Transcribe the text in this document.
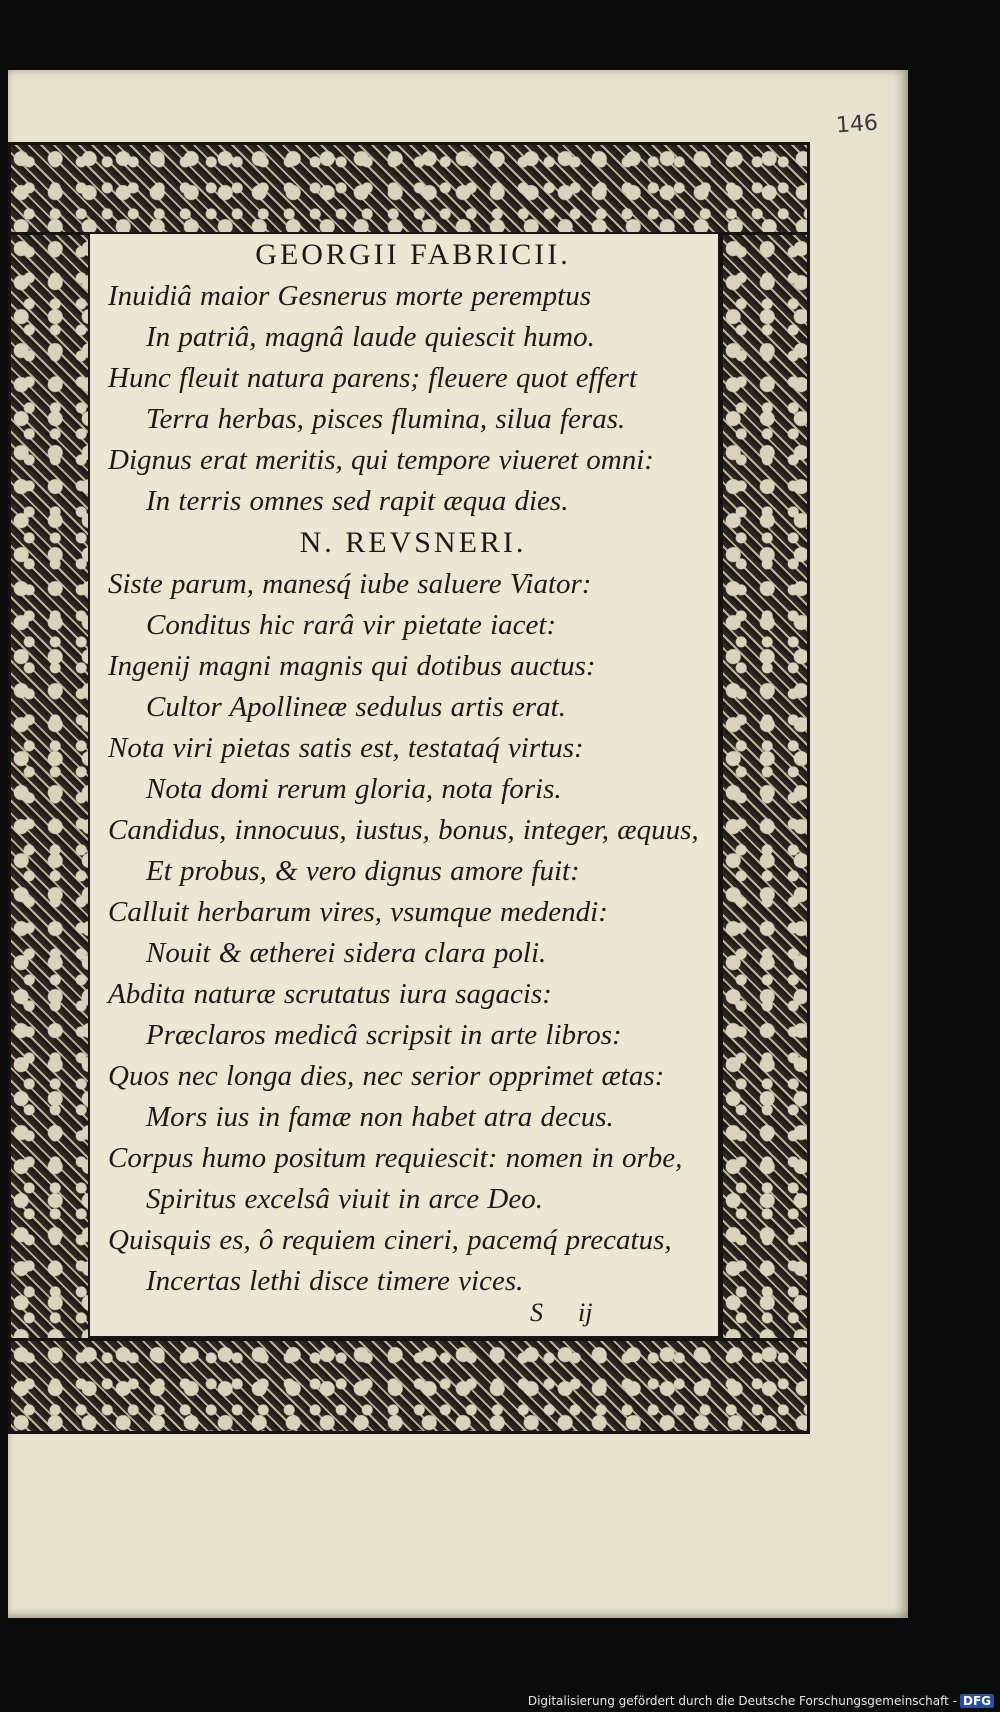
146
GEORGII FABRICII.
Inuidiâ maior Gesnerus morte peremptus
In patriâ, magnâ laude quiescit humo.
Hunc fleuit natura parens; fleuere quot effert
Terra herbas, pisces flumina, silua feras.
Dignus erat meritis, qui tempore viueret omni:
In terris omnes sed rapit æqua dies.
N. REVSNERI.
Siste parum, manesq́ iube saluere Viator:
Conditus hic rarâ vir pietate iacet:
Ingenij magni magnis qui dotibus auctus:
Cultor Apollineæ sedulus artis erat.
Nota viri pietas satis est, testataq́ virtus:
Nota domi rerum gloria, nota foris.
Candidus, innocuus, iustus, bonus, integer, æquus,
Et probus, & vero dignus amore fuit:
Calluit herbarum vires, vsumque medendi:
Nouit & ætherei sidera clara poli.
Abdita naturæ scrutatus iura sagacis:
Præclaros medicâ scripsit in arte libros:
Quos nec longa dies, nec serior opprimet ætas:
Mors ius in famæ non habet atra decus.
Corpus humo positum requiescit: nomen in orbe,
Spiritus excelsâ viuit in arce Deo.
Quisquis es, ô requiem cineri, pacemq́ precatus,
Incertas lethi disce timere vices.
S ij
Digitalisierung gefördert durch die Deutsche Forschungsgemeinschaft - DFG
